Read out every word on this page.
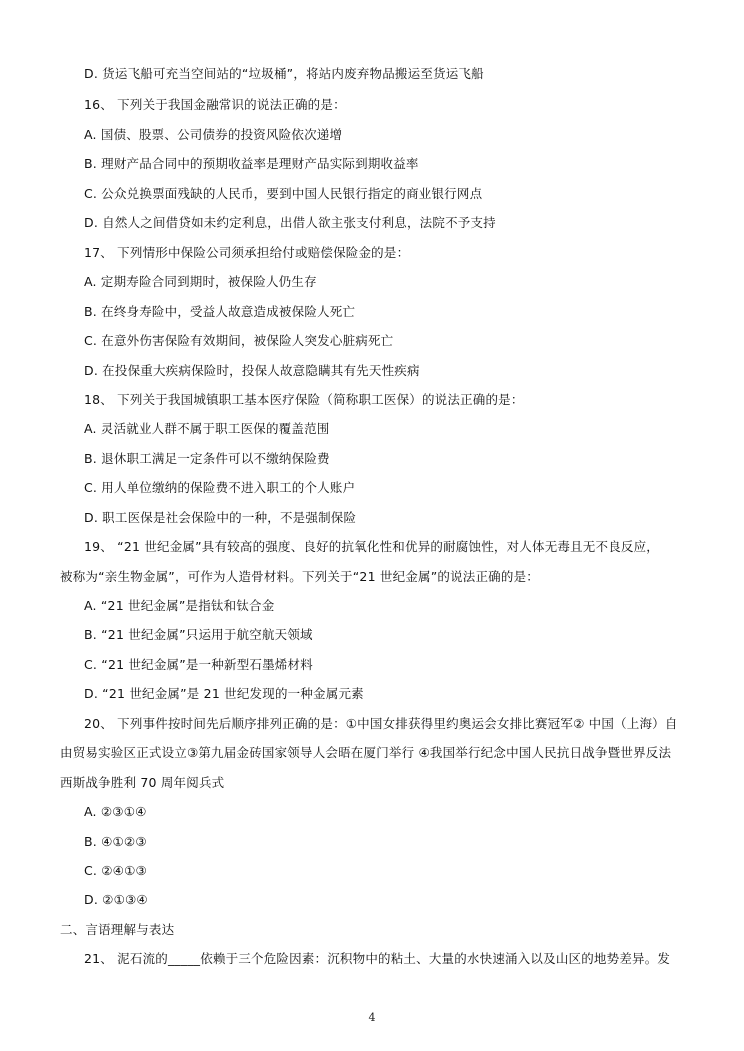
D. 货运飞船可充当空间站的“垃圾桶”，将站内废弃物品搬运至货运飞船
16、 下列关于我国金融常识的说法正确的是：
A. 国债、股票、公司债券的投资风险依次递增
B. 理财产品合同中的预期收益率是理财产品实际到期收益率
C. 公众兑换票面残缺的人民币，要到中国人民银行指定的商业银行网点
D. 自然人之间借贷如未约定利息，出借人欲主张支付利息，法院不予支持
17、 下列情形中保险公司须承担给付或赔偿保险金的是：
A. 定期寿险合同到期时，被保险人仍生存
B. 在终身寿险中，受益人故意造成被保险人死亡
C. 在意外伤害保险有效期间，被保险人突发心脏病死亡
D. 在投保重大疾病保险时，投保人故意隐瞒其有先天性疾病
18、 下列关于我国城镇职工基本医疗保险（简称职工医保）的说法正确的是：
A. 灵活就业人群不属于职工医保的覆盖范围
B. 退休职工满足一定条件可以不缴纳保险费
C. 用人单位缴纳的保险费不进入职工的个人账户
D. 职工医保是社会保险中的一种，不是强制保险
19、 “21 世纪金属”具有较高的强度、良好的抗氧化性和优异的耐腐蚀性，对人体无毒且无不良反应，
被称为“亲生物金属”，可作为人造骨材料。下列关于“21 世纪金属”的说法正确的是：
A. “21 世纪金属”是指钛和钛合金
B. “21 世纪金属”只运用于航空航天领域
C. “21 世纪金属”是一种新型石墨烯材料
D. “21 世纪金属”是 21 世纪发现的一种金属元素
20、 下列事件按时间先后顺序排列正确的是：①中国女排获得里约奥运会女排比赛冠军② 中国（上海）自
由贸易实验区正式设立③第九届金砖国家领导人会晤在厦门举行 ④我国举行纪念中国人民抗日战争暨世界反法
西斯战争胜利 70 周年阅兵式
A. ②③①④
B. ④①②③
C. ②④①③
D. ②①③④
二、言语理解与表达
21、 泥石流的_____依赖于三个危险因素：沉积物中的粘土、大量的水快速涌入以及山区的地势差异。发
4
